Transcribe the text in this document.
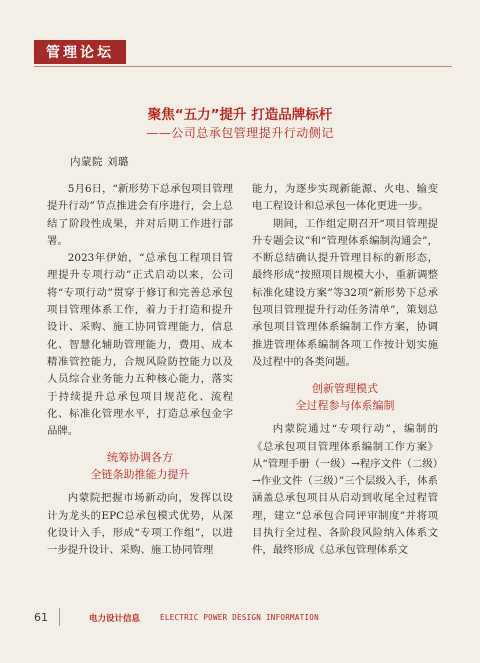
管理论坛
聚焦“五力”提升 打造品牌标杆
——公司总承包管理提升行动侧记
内蒙院 刘璐

5月6日，“新形势下总承包项目管理提升行动”节点推进会有序进行，会上总结了阶段性成果，并对后期工作进行部署。

2023年伊始，“总承包工程项目管理提升专项行动”正式启动以来，公司将“专项行动”贯穿于修订和完善总承包项目管理体系工作，着力于打造和提升设计、采购、施工协同管理能力，信息化、智慧化辅助管理能力，费用、成本精准管控能力，合规风险防控能力以及人员综合业务能力五种核心能力，落实于持续提升总承包项目规范化、流程化、标准化管理水平，打造总承包金字品牌。

统筹协调各方
全链条助推能力提升

内蒙院把握市场新动向，发挥以设计为龙头的EPC总承包模式优势，从深化设计入手，形成“专项工作组”，以进一步提升设计、采购、施工协同管理

能力，为逐步实现新能源、火电、输变电工程设计和总承包一体化更进一步。

期间，工作组定期召开“项目管理提升专题会议”和“管理体系编制沟通会”，不断总结确认提升管理目标的新形态，最终形成“按照项目规模大小，重新调整标准化建设方案”等32项“新形势下总承包项目管理提升行动任务清单”，策划总承包项目管理体系编制工作方案，协调推进管理体系编制各项工作按计划实施及过程中的各类问题。

创新管理模式
全过程参与体系编制

内蒙院通过“专项行动”，编制的《总承包项目管理体系编制工作方案》从“管理手册（一级）→程序文件（二级）→作业文件（三级）”三个层级入手，体系涵盖总承包项目从启动到收尾全过程管理，建立“总承包合同评审制度”并将项目执行全过程、各阶段风险纳入体系文件，最终形成《总承包管理体系文

61	电力设计信息	ELECTRIC POWER DESIGN INFORMATION
